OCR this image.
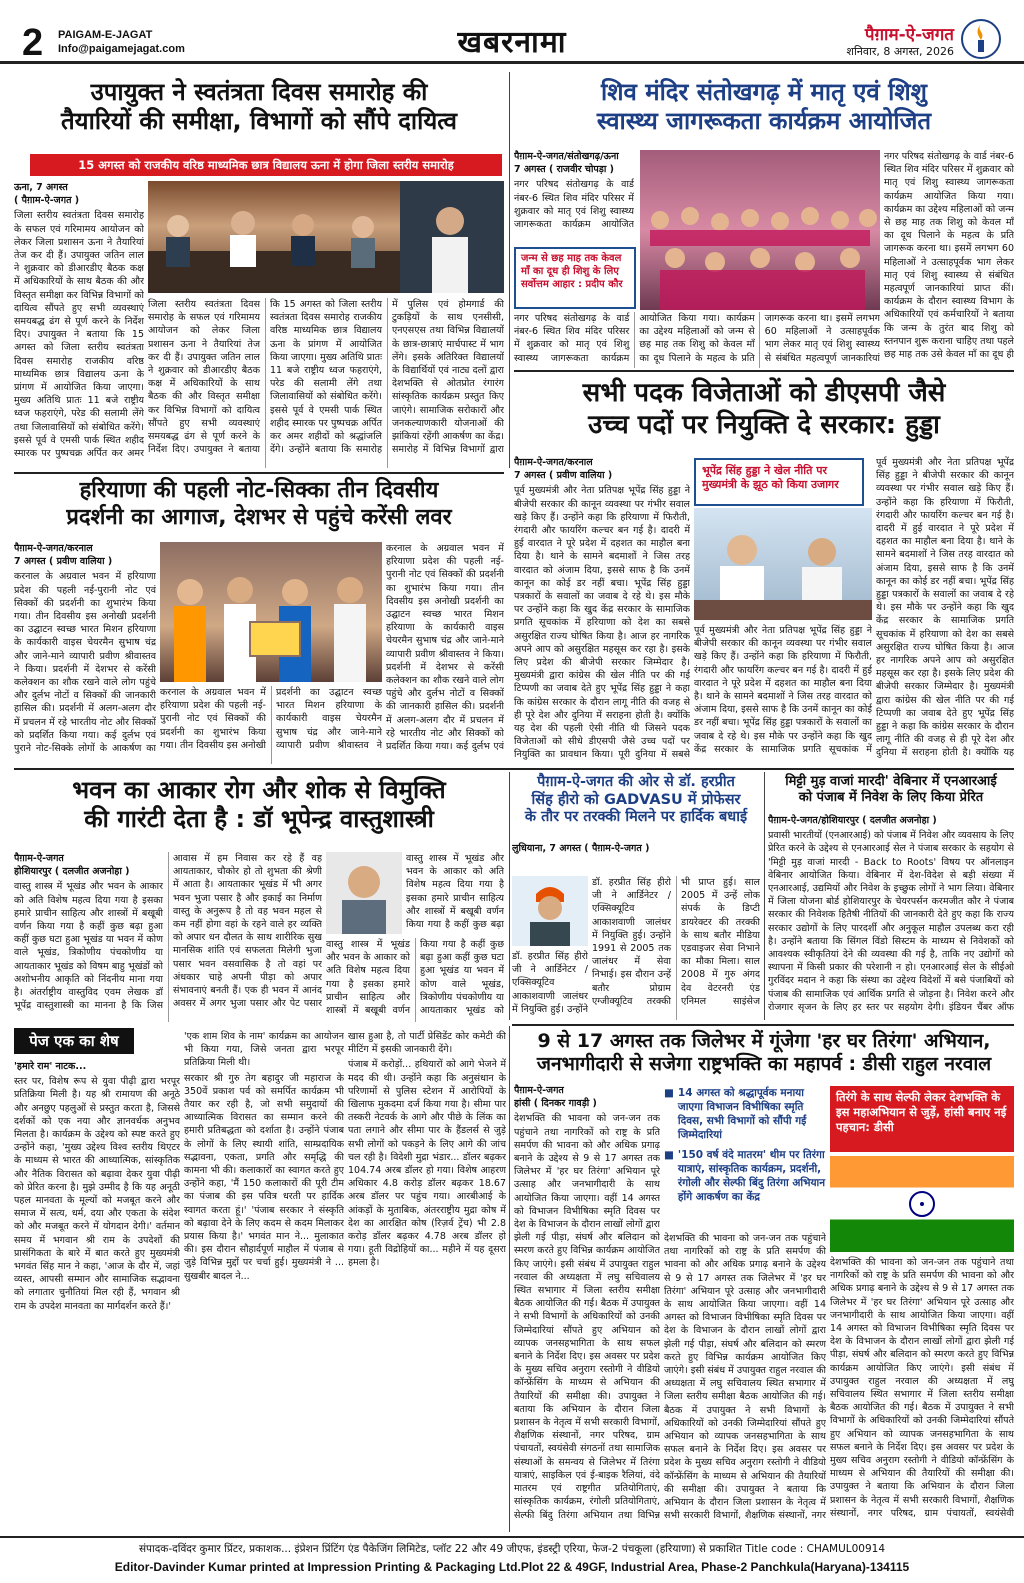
2 PAIGAM-E-JAGAT
Info@paigamejagat.com	खबरनामा	पैग़ाम-ऐ-जगत
शनिवार, 8 अगस्त, 2026
उपायुक्त ने स्वतंत्रता दिवस समारोह की
तैयारियों की समीक्षा, विभागों को सौंपे दायित्व
15 अगस्त को राजकीय वरिष्ठ माध्यमिक छात्र विद्यालय ऊना में होगा जिला स्तरीय समारोह

ऊना, 7 अगस्त
( पैग़ाम-ऐ-जगत )

जिला स्तरीय स्वतंत्रता दिवस समारोह के सफल एवं गरिमामय आयोजन को लेकर जिला प्रशासन ऊना ने तैयारियां तेज कर दी हैं। उपायुक्त जतिन लाल ने शुक्रवार को डीआरडीए बैठक कक्ष में अधिकारियों के साथ बैठक की और विस्तृत समीक्षा कर विभिन्न विभागों को दायित्व सौंपते हुए सभी व्यवस्थाएं समयबद्ध ढंग से पूर्ण करने के निर्देश दिए। उपायुक्त ने बताया कि 15 अगस्त को जिला स्तरीय स्वतंत्रता दिवस समारोह राजकीय वरिष्ठ माध्यमिक छात्र विद्यालय ऊना के प्रांगण में आयोजित किया जाएगा। मुख्य अतिथि प्रातः 11 बजे राष्ट्रीय ध्वज फहराएंगे, परेड की सलामी लेंगे तथा जिलावासियों को संबोधित करेंगे। इससे पूर्व वे एमसी पार्क स्थित शहीद स्मारक पर पुष्पचक्र अर्पित कर अमर

जिला स्तरीय स्वतंत्रता दिवस समारोह के सफल एवं गरिमामय आयोजन को लेकर जिला प्रशासन ऊना ने तैयारियां तेज कर दी हैं। उपायुक्त जतिन लाल ने शुक्रवार को डीआरडीए बैठक कक्ष में अधिकारियों के साथ बैठक की और विस्तृत समीक्षा कर विभिन्न विभागों को दायित्व सौंपते हुए सभी व्यवस्थाएं समयबद्ध ढंग से पूर्ण करने के निर्देश दिए। उपायुक्त ने बताया कि 15 अगस्त को जिला स्तरीय स्वतंत्रता दिवस समारोह राजकीय वरिष्ठ माध्यमिक छात्र विद्यालय ऊना के प्रांगण में आयोजित किया जाएगा। मुख्य अतिथि प्रातः 11 बजे राष्ट्रीय ध्वज फहराएंगे, परेड की सलामी लेंगे तथा जिलावासियों को संबोधित करेंगे। इससे पूर्व वे एमसी पार्क स्थित शहीद स्मारक पर पुष्पचक्र अर्पित कर अमर शहीदों को श्रद्धांजलि देंगे। उन्होंने बताया कि समारोह में पुलिस एवं होमगार्ड की टुकड़ियों के साथ एनसीसी, एनएसएस तथा विभिन्न विद्यालयों के छात्र-छात्राएं मार्चपास्ट में भाग लेंगे। इसके अतिरिक्त विद्यालयों के विद्यार्थियों एवं नाट्य दलों द्वारा देशभक्ति से ओतप्रोत रंगारंग सांस्कृतिक कार्यक्रम प्रस्तुत किए जाएंगे। सामाजिक सरोकारों और जनकल्याणकारी योजनाओं की झांकियां रहेंगी आकर्षण का केंद्र। समारोह में विभिन्न विभागों द्वारा

शिव मंदिर संतोखगढ़ में मातृ एवं शिशु
स्वास्थ्य जागरूकता कार्यक्रम आयोजित

पैग़ाम-ऐ-जगत/संतोखगढ़/ऊना
7 अगस्त ( राजवीर चोपड़ा )

नगर परिषद संतोखगढ़ के वार्ड नंबर-6 स्थित शिव मंदिर परिसर में शुक्रवार को मातृ एवं शिशु स्वास्थ्य जागरूकता कार्यक्रम आयोजित

जन्म से छह माह तक केवल माँ का दूध ही शिशु के लिए सर्वोत्तम आहार : प्रदीप कौर

नगर परिषद संतोखगढ़ के वार्ड नंबर-6 स्थित शिव मंदिर परिसर में शुक्रवार को मातृ एवं शिशु स्वास्थ्य जागरूकता कार्यक्रम आयोजित किया गया। कार्यक्रम का उद्देश्य महिलाओं को जन्म से छह माह तक शिशु को केवल माँ का दूध पिलाने के महत्व के प्रति जागरूक करना था। इसमें लगभग 60 महिलाओं ने उत्साहपूर्वक भाग लेकर मातृ एवं शिशु स्वास्थ्य से संबंधित महत्वपूर्ण जानकारियां प्राप्त कीं। कार्यक्रम के दौरान स्वास्थ्य विभाग के अधिकारियों एवं कर्मचारियों ने बताया कि जन्म के तुरंत बाद शिशु को स्तनपान शुरू कराना चाहिए तथा पहले छह माह तक उसे केवल माँ का दूध ही

नगर परिषद संतोखगढ़ के वार्ड नंबर-6 स्थित शिव मंदिर परिसर में शुक्रवार को मातृ एवं शिशु स्वास्थ्य जागरूकता कार्यक्रम आयोजित किया गया। कार्यक्रम का उद्देश्य महिलाओं को जन्म से छह माह तक शिशु को केवल माँ का दूध पिलाने के महत्व के प्रति जागरूक करना था। इसमें लगभग 60 महिलाओं ने उत्साहपूर्वक भाग लेकर मातृ एवं शिशु स्वास्थ्य से संबंधित महत्वपूर्ण जानकारियां

सभी पदक विजेताओं को डीएसपी जैसे
उच्च पदों पर नियुक्ति दे सरकार: हुड्डा

पैग़ाम-ऐ-जगत/करनाल
7 अगस्त ( प्रवीण वालिया )

पूर्व मुख्यमंत्री और नेता प्रतिपक्ष भूपेंद्र सिंह हुड्डा ने बीजेपी सरकार की कानून व्यवस्था पर गंभीर सवाल खड़े किए हैं। उन्होंने कहा कि हरियाणा में फिरौती, रंगदारी और फायरिंग कल्चर बन गई है। दादरी में हुई वारदात ने पूरे प्रदेश में दहशत का माहौल बना दिया है। थाने के सामने बदमाशों ने जिस तरह वारदात को अंजाम दिया, इससे साफ है कि उनमें कानून का कोई डर नहीं बचा। भूपेंद्र सिंह हुड्डा पत्रकारों के सवालों का जवाब दे रहे थे। इस मौके पर उन्होंने कहा कि खुद केंद्र सरकार के सामाजिक प्रगति सूचकांक में हरियाणा को देश का सबसे असुरक्षित राज्य घोषित किया है। आज हर नागरिक अपने आप को असुरक्षित महसूस कर रहा है। इसके लिए प्रदेश की बीजेपी सरकार जिम्मेदार है। मुख्यमंत्री द्वारा कांग्रेस की खेल नीति पर की गई टिप्पणी का जवाब देते हुए भूपेंद्र सिंह हुड्डा ने कहा कि कांग्रेस सरकार के दौरान लागू नीति की वजह से ही पूरे देश और दुनिया में सराहना होती है। क्योंकि यह देश की पहली ऐसी नीति थी जिसने पदक विजेताओं को सीधे डीएसपी जैसे उच्च पदों पर नियुक्ति का प्रावधान किया। पूरी दुनिया में सबसे

भूपेंद्र सिंह हुड्डा ने खेल नीति पर मुख्यमंत्री के झूठ को किया उजागर

पूर्व मुख्यमंत्री और नेता प्रतिपक्ष भूपेंद्र सिंह हुड्डा ने बीजेपी सरकार की कानून व्यवस्था पर गंभीर सवाल खड़े किए हैं। उन्होंने कहा कि हरियाणा में फिरौती, रंगदारी और फायरिंग कल्चर बन गई है। दादरी में हुई वारदात ने पूरे प्रदेश में दहशत का माहौल बना दिया है। थाने के सामने बदमाशों ने जिस तरह वारदात को अंजाम दिया, इससे साफ है कि उनमें कानून का कोई डर नहीं बचा। भूपेंद्र सिंह हुड्डा पत्रकारों के सवालों का जवाब दे रहे थे। इस मौके पर उन्होंने कहा कि खुद केंद्र सरकार के सामाजिक प्रगति सूचकांक में

पूर्व मुख्यमंत्री और नेता प्रतिपक्ष भूपेंद्र सिंह हुड्डा ने बीजेपी सरकार की कानून व्यवस्था पर गंभीर सवाल खड़े किए हैं। उन्होंने कहा कि हरियाणा में फिरौती, रंगदारी और फायरिंग कल्चर बन गई है। दादरी में हुई वारदात ने पूरे प्रदेश में दहशत का माहौल बना दिया है। थाने के सामने बदमाशों ने जिस तरह वारदात को अंजाम दिया, इससे साफ है कि उनमें कानून का कोई डर नहीं बचा। भूपेंद्र सिंह हुड्डा पत्रकारों के सवालों का जवाब दे रहे थे। इस मौके पर उन्होंने कहा कि खुद केंद्र सरकार के सामाजिक प्रगति सूचकांक में हरियाणा को देश का सबसे असुरक्षित राज्य घोषित किया है। आज हर नागरिक अपने आप को असुरक्षित महसूस कर रहा है। इसके लिए प्रदेश की बीजेपी सरकार जिम्मेदार है। मुख्यमंत्री द्वारा कांग्रेस की खेल नीति पर की गई टिप्पणी का जवाब देते हुए भूपेंद्र सिंह हुड्डा ने कहा कि कांग्रेस सरकार के दौरान लागू नीति की वजह से ही पूरे देश और दुनिया में सराहना होती है। क्योंकि यह

हरियाणा की पहली नोट-सिक्का तीन दिवसीय
प्रदर्शनी का आगाज, देशभर से पहुंचे करेंसी लवर

पैग़ाम-ऐ-जगत/करनाल
7 अगस्त ( प्रवीण वालिया )

करनाल के अग्रवाल भवन में हरियाणा प्रदेश की पहली नई-पुरानी नोट एवं सिक्कों की प्रदर्शनी का शुभारंभ किया गया। तीन दिवसीय इस अनोखी प्रदर्शनी का उद्घाटन स्वच्छ भारत मिशन हरियाणा के कार्यकारी वाइस चेयरमैन सुभाष चंद्र और जाने-माने व्यापारी प्रवीण श्रीवास्तव ने किया। प्रदर्शनी में देशभर से करेंसी कलेक्शन का शौक रखने वाले लोग पहुंचे और दुर्लभ नोटों व सिक्कों की जानकारी हासिल की। प्रदर्शनी में अलग-अलग दौर में प्रचलन में रहे भारतीय नोट और सिक्कों को प्रदर्शित किया गया। कई दुर्लभ एवं पुराने नोट-सिक्के लोगों के आकर्षण का

करनाल के अग्रवाल भवन में हरियाणा प्रदेश की पहली नई-पुरानी नोट एवं सिक्कों की प्रदर्शनी का शुभारंभ किया गया। तीन दिवसीय इस अनोखी प्रदर्शनी का उद्घाटन स्वच्छ भारत मिशन हरियाणा के कार्यकारी वाइस चेयरमैन सुभाष चंद्र और जाने-माने व्यापारी प्रवीण श्रीवास्तव ने

करनाल के अग्रवाल भवन में हरियाणा प्रदेश की पहली नई-पुरानी नोट एवं सिक्कों की प्रदर्शनी का शुभारंभ किया गया। तीन दिवसीय इस अनोखी प्रदर्शनी का उद्घाटन स्वच्छ भारत मिशन हरियाणा के कार्यकारी वाइस चेयरमैन सुभाष चंद्र और जाने-माने व्यापारी प्रवीण श्रीवास्तव ने किया। प्रदर्शनी में देशभर से करेंसी कलेक्शन का शौक रखने वाले लोग पहुंचे और दुर्लभ नोटों व सिक्कों की जानकारी हासिल की। प्रदर्शनी में अलग-अलग दौर में प्रचलन में रहे भारतीय नोट और सिक्कों को प्रदर्शित किया गया। कई दुर्लभ एवं

भवन का आकार रोग और शोक से विमुक्ति
की गारंटी देता है : डॉ भूपेन्द्र वास्तुशास्त्री

पैग़ाम-ऐ-जगत
होशियारपुर ( दलजीत अजनोहा )

वास्तु शास्त्र में भूखंड और भवन के आकार को अति विशेष महत्व दिया गया है इसका हमारे प्राचीन साहित्य और शास्त्रों में बखूबी वर्णन किया गया है कहीं कुछ बढ़ा हुआ कहीं कुछ घटा हुआ भूखंड या भवन में कोण वाले भूखंड, त्रिकोणीय पंचकोणीय या आयताकार भूखंड को विषम बाहु भूखंडों को अशोभनीय आकृति को निंदनीय माना गया है। अंतर्राष्ट्रीय वास्तुविद एवम लेखक डॉ भूपेंद्र वास्तुशास्त्री का मानना है कि जिस आवास में हम निवास कर रहे हैं वह आयताकार, चौकोर हो तो शुभता की श्रेणी में आता है। आयताकार भूखंड में भी अगर भवन भुजा पसार है और इकाई का निर्माण वास्तु के अनुरूप है तो वह भवन महल से कम नहीं होगा वहां के रहने वाले हर व्यक्ति को अपार धन दौलत के साथ शारीरिक सुख मानसिक शांति एवं सफलता मिलेगी भुजा पसार भवन वसवासिक है तो वहां पर अंधकार चाहे अपनी पीड़ा को अपार संभावनाएं बनती हैं। एक ही भवन में आनंद अवसर में अगर भुजा पसार और पेट पसार

वास्तु शास्त्र में भूखंड और भवन के आकार को अति विशेष महत्व दिया गया है इसका हमारे प्राचीन साहित्य और शास्त्रों में बखूबी वर्णन किया गया है कहीं कुछ बढ़ा हुआ कहीं कुछ घटा हुआ भूखंड या भवन में कोण वाले भूखंड, त्रिकोणीय पंचकोणीय या आयताकार भूखंड को

वास्तु शास्त्र में भूखंड और भवन के आकार को अति विशेष महत्व दिया गया है इसका हमारे प्राचीन साहित्य और शास्त्रों में बखूबी वर्णन किया गया है कहीं कुछ बढ़ा

पैग़ाम-ऐ-जगत की ओर से डॉ. हरप्रीत
सिंह हीरो को GADVASU में प्रोफेसर
के तौर पर तरक्की मिलने पर हार्दिक बधाई

लुधियाना, 7 अगस्त ( पैग़ाम-ऐ-जगत )

डॉ. हरप्रीत सिंह हीरो जी ने आर्डिनेटर / एक्सिक्यूटिव आकाशवाणी जालंधर में नियुक्ति हुई। उन्होंने 1991 से 2005 तक जालंधर में सेवा निभाई। इस दौरान उन्हें बतौर प्रोग्राम एग्जीक्यूटिव तरक्की भी प्राप्त हुई। साल 2005 में उन्हें लोक संपर्क के डिप्टी डायरेक्टर की तरक्की के साथ बतौर मीडिया एडवाइजर सेवा निभाने का मौका मिला। साल 2008 में गुरु अंगद देव वेटरनरी एंड एनिमल साइंसेज

डॉ. हरप्रीत सिंह हीरो जी ने आर्डिनेटर / एक्सिक्यूटिव आकाशवाणी जालंधर में नियुक्ति हुई। उन्होंने

मिट्टी मुड़ वाजां मारदी' वेबिनार में एनआरआई
को पंजाब में निवेश के लिए किया प्रेरित

पैग़ाम-ऐ-जगत/होशियारपुर ( दलजीत अजनोहा )

प्रवासी भारतीयों (एनआरआई) को पंजाब में निवेश और व्यवसाय के लिए प्रेरित करने के उद्देश्य से एनआरआई सेल ने पंजाब सरकार के सहयोग से 'मिट्टी मुड़ वाजां मारदी - Back to Roots' विषय पर ऑनलाइन वेबिनार आयोजित किया। वेबिनार में देश-विदेश से बड़ी संख्या में एनआरआई, उद्यमियों और निवेश के इच्छुक लोगों ने भाग लिया। वेबिनार में जिला योजना बोर्ड होशियारपुर के चेयरपर्सन करमजीत कौर ने पंजाब सरकार की निवेशक हितैषी नीतियों की जानकारी देते हुए कहा कि राज्य सरकार उद्योगों के लिए पारदर्शी और अनुकूल माहौल उपलब्ध करा रही है। उन्होंने बताया कि सिंगल विंडो सिस्टम के माध्यम से निवेशकों को आवश्यक स्वीकृतियां देने की व्यवस्था की गई है, ताकि नए उद्योगों को स्थापना में किसी प्रकार की परेशानी न हो। एनआरआई सेल के सीईओ गुरविंदर मदान ने कहा कि संस्था का उद्देश्य विदेशों में बसे पंजाबियों को पंजाब की सामाजिक एवं आर्थिक प्रगति से जोड़ना है। निवेश करने और रोजगार सृजन के लिए हर स्तर पर सहयोग देगी। इंडियन चैंबर ऑफ

पेज एक का शेष

'हमारे राम' नाटक...

स्तर पर, विशेष रूप से युवा पीढ़ी द्वारा भरपूर प्रतिक्रिया मिली है। यह श्री रामायण की अनूठे और अनछुए पहलुओं से प्रस्तुत करता है, जिससे दर्शकों को एक नया और ज्ञानवर्धक अनुभव मिलता है। कार्यक्रम के उद्देश्य को स्पष्ट करते हुए उन्होंने कहा, 'मुख्य उद्देश्य विश्व स्तरीय थिएटर के माध्यम से भारत की आध्यात्मिक, सांस्कृतिक और नैतिक विरासत को बढ़ावा देकर युवा पीढ़ी को प्रेरित करना है। मुझे उम्मीद है कि यह अनूठी पहल मानवता के मूल्यों को मजबूत करने और समाज में सत्य, धर्म, दया और एकता के संदेश को और मजबूत करने में योगदान देगी।' वर्तमान समय में भगवान श्री राम के उपदेशों की प्रासंगिकता के बारे में बात करते हुए मुख्यमंत्री भगवंत सिंह मान ने कहा, 'आज के दौर में, जहां व्यस्त, आपसी सम्मान और सामाजिक सद्भावना को लगातार चुनौतियां मिल रही हैं, भगवान श्री राम के उपदेश मानवता का मार्गदर्शन करते हैं।'

'एक शाम शिव के नाम' कार्यक्रम का आयोजन भी किया गया, जिसे जनता द्वारा भरपूर प्रतिक्रिया मिली थी।

सरकार श्री गुरु तेग बहादुर जी महाराज के 350वें प्रकाश पर्व को समर्पित कार्यक्रम भी तैयार कर रही है, जो सभी समुदायों की आध्यात्मिक विरासत का सम्मान करने की हमारी प्रतिबद्धता को दर्शाता है। उन्होंने पंजाब के लोगों के लिए स्थायी शांति, साम्प्रदायिक सद्भावना, एकता, प्रगति और समृद्धि की कामना भी की। कलाकारों का स्वागत करते हुए उन्होंने कहा, 'मैं 150 कलाकारों की पूरी टीम का पंजाब की इस पवित्र धरती पर हार्दिक स्वागत करता हूं।' 'पंजाब सरकार ने संस्कृति को बढ़ावा देने के लिए कदम से कदम मिलाकर प्रयास किया है।' भगवंत मान ने... मुलाकात की। इस दौरान सौहार्दपूर्ण माहौल में पंजाब से जुड़े विभिन्न मुद्दों पर चर्चा हुई। मुख्यमंत्री ने ... सुखबीर बादल ने...

खास हुआ है, तो पार्टी प्रेसिडेंट कोर कमेटी की मीटिंग में इसकी जानकारी देंगे।

पंजाब में करोड़ों... हथियारों को आगे भेजने में मदद की थी। उन्होंने कहा कि अनुसंधान के परिणामों से पुलिस स्टेशन में आरोपियों के खिलाफ मुकदमा दर्ज किया गया है। सीमा पार तस्करी नेटवर्क के आगे और पीछे के लिंक का पता लगाने और सीमा पार के हैंडलर्स से जुड़े सभी लोगों को पकड़ने के लिए आगे की जांच चल रही है। विदेशी मुद्रा भंडार... डॉलर बढ़कर 104.74 अरब डॉलर हो गया। विशेष आहरण अधिकार 4.8 करोड़ डॉलर बढ़कर 18.67 अरब डॉलर पर पहुंच गया। आरबीआई के आंकड़ों के मुताबिक, अंतरराष्ट्रीय मुद्रा कोष में देश का आरक्षित कोष (रिज़र्व ट्रेंच) भी 2.8 करोड़ डॉलर बढ़कर 4.78 अरब डॉलर हो गया। हूती विद्रोहियों का... महीने में यह दूसरा हमला है।

9 से 17 अगस्त तक जिलेभर में गूंजेगा 'हर घर तिरंगा' अभियान,
जनभागीदारी से सजेगा राष्ट्रभक्ति का महापर्व : डीसी राहुल नरवाल

पैग़ाम-ऐ-जगत
हांसी ( दिनकर गावड़ी )

देशभक्ति की भावना को जन-जन तक पहुंचाने तथा नागरिकों को राष्ट्र के प्रति समर्पण की भावना को और अधिक प्रगाढ़ बनाने के उद्देश्य से 9 से 17 अगस्त तक जिलेभर में 'हर घर तिरंगा' अभियान पूरे उत्साह और जनभागीदारी के साथ आयोजित किया जाएगा। वहीं 14 अगस्त को विभाजन विभीषिका स्मृति दिवस पर देश के विभाजन के दौरान लाखों लोगों द्वारा झेली गई पीड़ा, संघर्ष और बलिदान को स्मरण करते हुए विभिन्न कार्यक्रम आयोजित किए जाएंगे। इसी संबंध में उपायुक्त राहुल नरवाल की अध्यक्षता में लघु सचिवालय स्थित सभागार में जिला स्तरीय समीक्षा बैठक आयोजित की गई। बैठक में उपायुक्त ने सभी विभागों के अधिकारियों को उनकी जिम्मेदारियां सौंपते हुए अभियान को व्यापक जनसहभागिता के साथ सफल बनाने के निर्देश दिए। इस अवसर पर प्रदेश के मुख्य सचिव अनुराग रस्तोगी ने वीडियो कॉन्फ्रेंसिंग के माध्यम से अभियान की तैयारियों की समीक्षा की। उपायुक्त ने बताया कि अभियान के दौरान जिला प्रशासन के नेतृत्व में सभी सरकारी विभागों, शैक्षणिक संस्थानों, नगर परिषद, ग्राम पंचायतों, स्वयंसेवी संगठनों तथा सामाजिक संस्थाओं के समन्वय से जिलेभर में तिरंगा यात्राएं, साइकिल एवं ई-बाइक रैलियां, वंदे मातरम एवं राष्ट्रगीत प्रतियोगिताएं, सांस्कृतिक कार्यक्रम, रंगोली प्रतियोगिताएं, सेल्फी बिंदु तिरंगा अभियान तथा विभिन्न

■ 14 अगस्त को श्रद्धापूर्वक मनाया जाएगा विभाजन विभीषिका स्मृति दिवस, सभी विभागों को सौंपी गईं जिम्मेदारियां
■ '150 वर्ष वंदे मातरम' थीम पर तिरंगा यात्राएं, सांस्कृतिक कार्यक्रम, प्रदर्शनी, रंगोली और सेल्फी बिंदु तिरंगा अभियान होंगे आकर्षण का केंद्र

देशभक्ति की भावना को जन-जन तक पहुंचाने तथा नागरिकों को राष्ट्र के प्रति समर्पण की भावना को और अधिक प्रगाढ़ बनाने के उद्देश्य से 9 से 17 अगस्त तक जिलेभर में 'हर घर तिरंगा' अभियान पूरे उत्साह और जनभागीदारी के साथ आयोजित किया जाएगा। वहीं 14 अगस्त को विभाजन विभीषिका स्मृति दिवस पर देश के विभाजन के दौरान लाखों लोगों द्वारा झेली गई पीड़ा, संघर्ष और बलिदान को स्मरण करते हुए विभिन्न कार्यक्रम आयोजित किए जाएंगे। इसी संबंध में उपायुक्त राहुल नरवाल की अध्यक्षता में लघु सचिवालय स्थित सभागार में जिला स्तरीय समीक्षा बैठक आयोजित की गई। बैठक में उपायुक्त ने सभी विभागों के अधिकारियों को उनकी जिम्मेदारियां सौंपते हुए अभियान को व्यापक जनसहभागिता के साथ सफल बनाने के निर्देश दिए। इस अवसर पर प्रदेश के मुख्य सचिव अनुराग रस्तोगी ने वीडियो कॉन्फ्रेंसिंग के माध्यम से अभियान की तैयारियों की समीक्षा की। उपायुक्त ने बताया कि अभियान के दौरान जिला प्रशासन के नेतृत्व में सभी सरकारी विभागों, शैक्षणिक संस्थानों, नगर

तिरंगे के साथ सेल्फी लेकर देशभक्ति के इस महाअभियान से जुड़ें, हांसी बनाए नई पहचान: डीसी

देशभक्ति की भावना को जन-जन तक पहुंचाने तथा नागरिकों को राष्ट्र के प्रति समर्पण की भावना को और अधिक प्रगाढ़ बनाने के उद्देश्य से 9 से 17 अगस्त तक जिलेभर में 'हर घर तिरंगा' अभियान पूरे उत्साह और जनभागीदारी के साथ आयोजित किया जाएगा। वहीं 14 अगस्त को विभाजन विभीषिका स्मृति दिवस पर देश के विभाजन के दौरान लाखों लोगों द्वारा झेली गई पीड़ा, संघर्ष और बलिदान को स्मरण करते हुए विभिन्न कार्यक्रम आयोजित किए जाएंगे। इसी संबंध में उपायुक्त राहुल नरवाल की अध्यक्षता में लघु सचिवालय स्थित सभागार में जिला स्तरीय समीक्षा बैठक आयोजित की गई। बैठक में उपायुक्त ने सभी विभागों के अधिकारियों को उनकी जिम्मेदारियां सौंपते हुए अभियान को व्यापक जनसहभागिता के साथ सफल बनाने के निर्देश दिए। इस अवसर पर प्रदेश के मुख्य सचिव अनुराग रस्तोगी ने वीडियो कॉन्फ्रेंसिंग के माध्यम से अभियान की तैयारियों की समीक्षा की। उपायुक्त ने बताया कि अभियान के दौरान जिला प्रशासन के नेतृत्व में सभी सरकारी विभागों, शैक्षणिक संस्थानों, नगर परिषद, ग्राम पंचायतों, स्वयंसेवी

संपादक-दविंदर कुमार प्रिंटर, प्रकाशक... इंप्रेशन प्रिंटिंग एंड पैकेजिंग लिमिटेड, प्लॉट 22 और 49 जीएफ, इंडस्ट्री एरिया, फेज-2 पंचकूला (हरियाणा) से प्रकाशित Title code : CHAMUL00914
Editor-Davinder Kumar printed at Impression Printing & Packaging Ltd.Plot 22 & 49GF, Industrial Area, Phase-2 Panchkula(Haryana)-134115
